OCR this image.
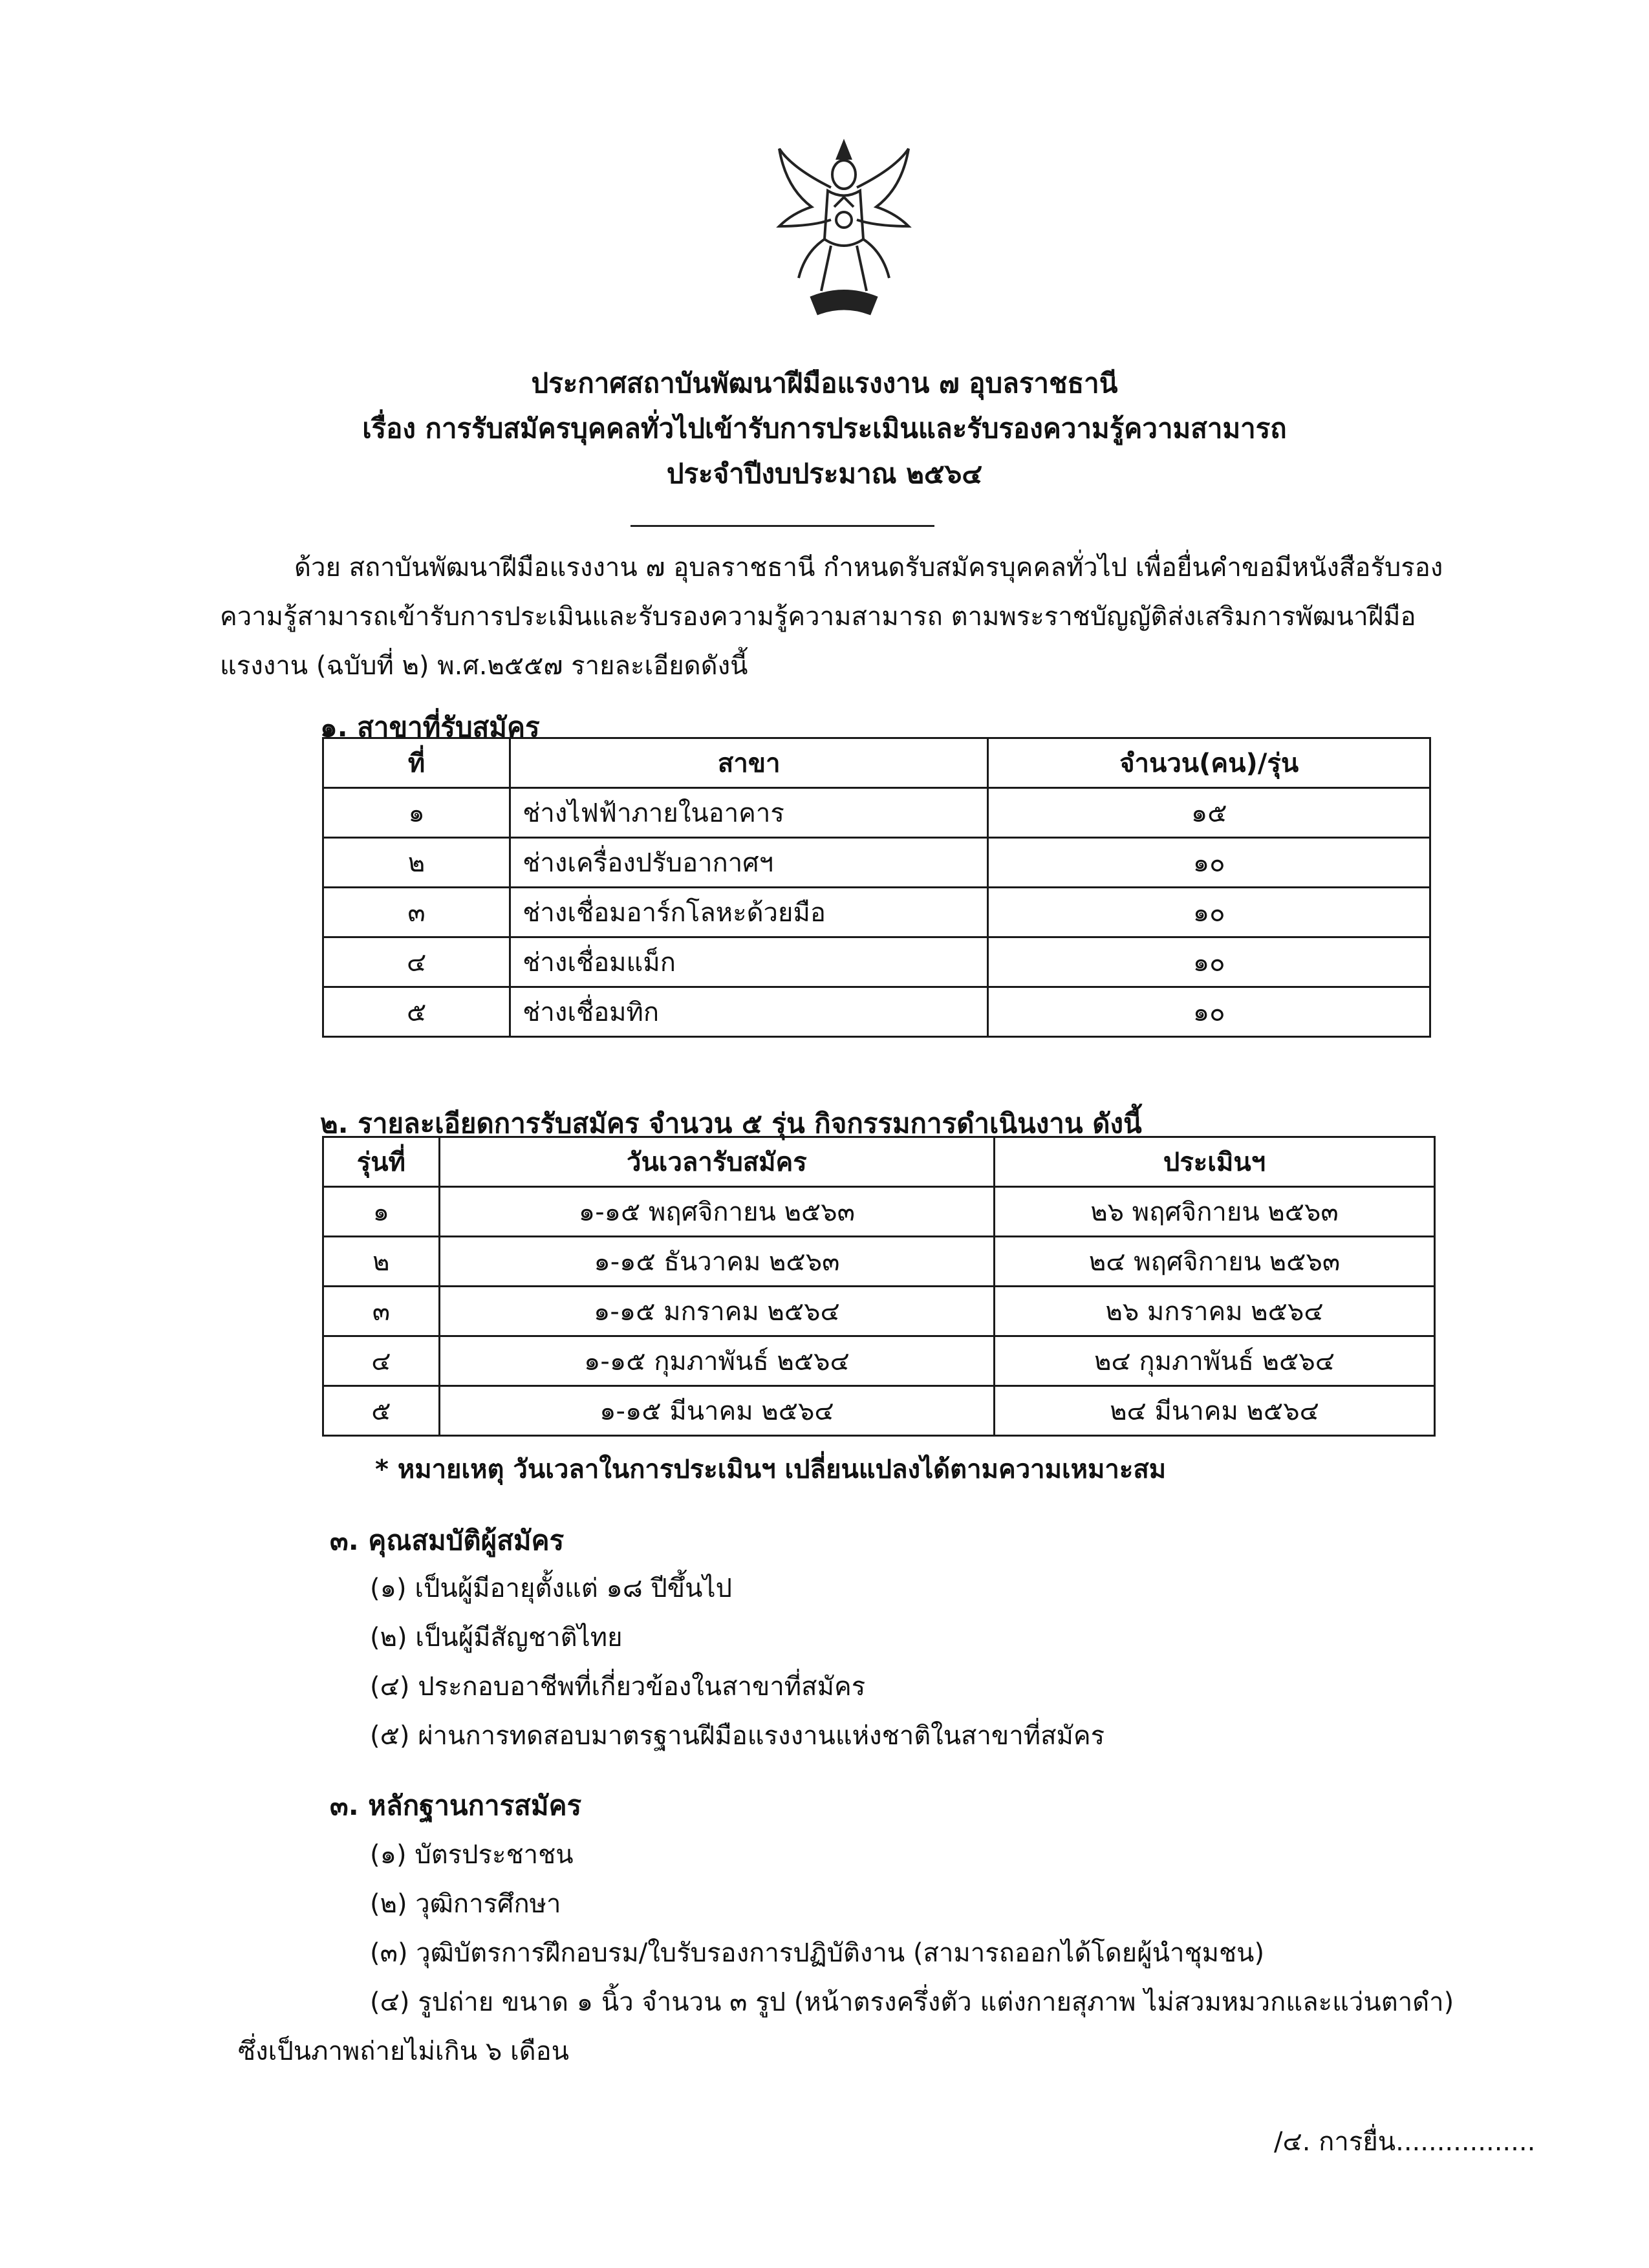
ประกาศสถาบันพัฒนาฝีมือแรงงาน ๗ อุบลราชธานี
เรื่อง การรับสมัครบุคคลทั่วไปเข้ารับการประเมินและรับรองความรู้ความสามารถ
ประจำปีงบประมาณ ๒๕๖๔
ด้วย สถาบันพัฒนาฝีมือแรงงาน ๗ อุบลราชธานี กำหนดรับสมัครบุคคลทั่วไป เพื่อยื่นคำขอมีหนังสือรับรอง
ความรู้สามารถเข้ารับการประเมินและรับรองความรู้ความสามารถ ตามพระราชบัญญัติส่งเสริมการพัฒนาฝีมือ
แรงงาน (ฉบับที่ ๒) พ.ศ.๒๕๕๗ รายละเอียดดังนี้
๑. สาขาที่รับสมัคร
ที่	สาขา	จำนวน(คน)/รุ่น
๑	ช่างไฟฟ้าภายในอาคาร	๑๕
๒	ช่างเครื่องปรับอากาศฯ	๑๐
๓	ช่างเชื่อมอาร์กโลหะด้วยมือ	๑๐
๔	ช่างเชื่อมแม็ก	๑๐
๕	ช่างเชื่อมทิก	๑๐
๒. รายละเอียดการรับสมัคร จำนวน ๕ รุ่น กิจกรรมการดำเนินงาน ดังนี้
รุ่นที่	วันเวลารับสมัคร	ประเมินฯ
๑	๑-๑๕ พฤศจิกายน ๒๕๖๓	๒๖ พฤศจิกายน ๒๕๖๓
๒	๑-๑๕ ธันวาคม ๒๕๖๓	๒๔ พฤศจิกายน ๒๕๖๓
๓	๑-๑๕ มกราคม ๒๕๖๔	๒๖ มกราคม ๒๕๖๔
๔	๑-๑๕ กุมภาพันธ์ ๒๕๖๔	๒๔ กุมภาพันธ์ ๒๕๖๔
๕	๑-๑๕ มีนาคม ๒๕๖๔	๒๔ มีนาคม ๒๕๖๔
* หมายเหตุ วันเวลาในการประเมินฯ เปลี่ยนแปลงได้ตามความเหมาะสม
๓. คุณสมบัติผู้สมัคร
(๑) เป็นผู้มีอายุตั้งแต่ ๑๘ ปีขึ้นไป
(๒) เป็นผู้มีสัญชาติไทย
(๔) ประกอบอาชีพที่เกี่ยวข้องในสาขาที่สมัคร
(๕) ผ่านการทดสอบมาตรฐานฝีมือแรงงานแห่งชาติในสาขาที่สมัคร
๓. หลักฐานการสมัคร
(๑) บัตรประชาชน
(๒) วุฒิการศึกษา
(๓) วุฒิบัตรการฝึกอบรม/ใบรับรองการปฏิบัติงาน (สามารถออกได้โดยผู้นำชุมชน)
(๔) รูปถ่าย ขนาด ๑ นิ้ว จำนวน ๓ รูป (หน้าตรงครึ่งตัว แต่งกายสุภาพ ไม่สวมหมวกและแว่นตาดำ)
ซึ่งเป็นภาพถ่ายไม่เกิน ๖ เดือน
/๔. การยื่น.................
